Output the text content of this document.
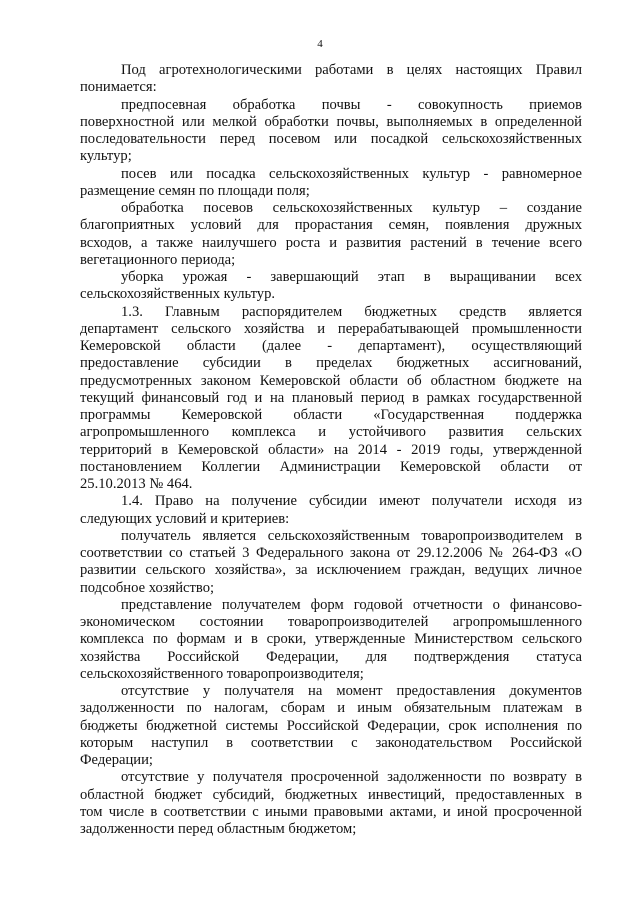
4
Под агротехнологическими работами в целях настоящих Правил
понимается:
предпосевная обработка почвы - совокупность приемов
поверхностной или мелкой обработки почвы, выполняемых в определенной
последовательности перед посевом или посадкой сельскохозяйственных
культур;
посев или посадка сельскохозяйственных культур - равномерное
размещение семян по площади поля;
обработка посевов сельскохозяйственных культур – создание
благоприятных условий для прорастания семян, появления дружных
всходов, а также наилучшего роста и развития растений в течение всего
вегетационного периода;
уборка урожая - завершающий этап в выращивании всех
сельскохозяйственных культур.
1.3. Главным распорядителем бюджетных средств является
департамент сельского хозяйства и перерабатывающей промышленности
Кемеровской области (далее - департамент), осуществляющий
предоставление субсидии в пределах бюджетных ассигнований,
предусмотренных законом Кемеровской области об областном бюджете на
текущий финансовый год и на плановый период в рамках государственной
программы Кемеровской области «Государственная поддержка
агропромышленного комплекса и устойчивого развития сельских
территорий в Кемеровской области» на 2014 - 2019 годы, утвержденной
постановлением Коллегии Администрации Кемеровской области от
25.10.2013 № 464.
1.4. Право на получение субсидии имеют получатели исходя из
следующих условий и критериев:
получатель является сельскохозяйственным товаропроизводителем в
соответствии со статьей 3 Федерального закона от 29.12.2006 № 264-ФЗ «О
развитии сельского хозяйства», за исключением граждан, ведущих личное
подсобное хозяйство;
представление получателем форм годовой отчетности о финансово-
экономическом состоянии товаропроизводителей агропромышленного
комплекса по формам и в сроки, утвержденные Министерством сельского
хозяйства Российской Федерации, для подтверждения статуса
сельскохозяйственного товаропроизводителя;
отсутствие у получателя на момент предоставления документов
задолженности по налогам, сборам и иным обязательным платежам в
бюджеты бюджетной системы Российской Федерации, срок исполнения по
которым наступил в соответствии с законодательством Российской
Федерации;
отсутствие у получателя просроченной задолженности по возврату в
областной бюджет субсидий, бюджетных инвестиций, предоставленных в
том числе в соответствии с иными правовыми актами, и иной просроченной
задолженности перед областным бюджетом;
